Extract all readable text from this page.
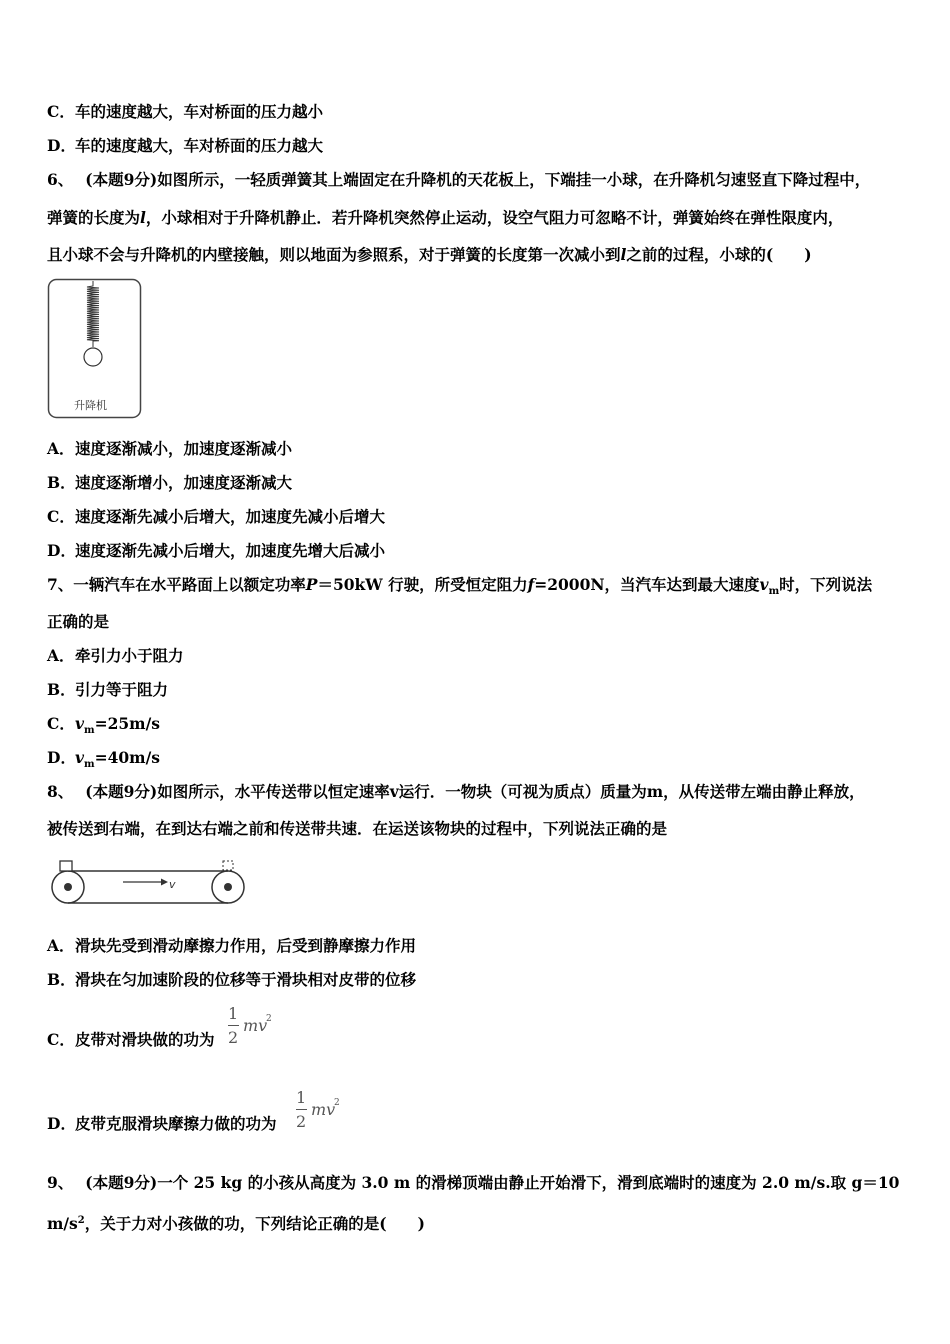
C．车的速度越大，车对桥面的压力越小
D．车的速度越大，车对桥面的压力越大
6、 (本题9分)如图所示，一轻质弹簧其上端固定在升降机的天花板上，下端挂一小球，在升降机匀速竖直下降过程中，
弹簧的长度为l，小球相对于升降机静止．若升降机突然停止运动，设空气阻力可忽略不计，弹簧始终在弹性限度内，
且小球不会与升降机的内壁接触，则以地面为参照系，对于弹簧的长度第一次减小到l之前的过程，小球的(　　)
升降机
A．速度逐渐减小，加速度逐渐减小
B．速度逐渐增小，加速度逐渐减大
C．速度逐渐先减小后增大，加速度先减小后增大
D．速度逐渐先减小后增大，加速度先增大后减小
7、一辆汽车在水平路面上以额定功率P＝50kW 行驶，所受恒定阻力f=2000N，当汽车达到最大速度$v_m$时，下列说法
正确的是
A．牵引力小于阻力
B．引力等于阻力
C．$v_m=25m/s$
D．$v_m=40m/s$
8、 (本题9分)如图所示，水平传送带以恒定速率v运行．一物块（可视为质点）质量为m，从传送带左端由静止释放，
被传送到右端，在到达右端之前和传送带共速．在运送该物块的过程中，下列说法正确的是
v
A．滑块先受到滑动摩擦力作用，后受到静摩擦力作用
B．滑块在匀加速阶段的位移等于滑块相对皮带的位移
C．皮带对滑块做的功为
1
2
mv
2
D．皮带克服滑块摩擦力做的功为
1
2
mv
2
9、 (本题9分)一个 25 kg 的小孩从高度为 3.0 m 的滑梯顶端由静止开始滑下，滑到底端时的速度为 2.0 m/s.取 g＝10
$m/s^2$，关于力对小孩做的功，下列结论正确的是(　　)
